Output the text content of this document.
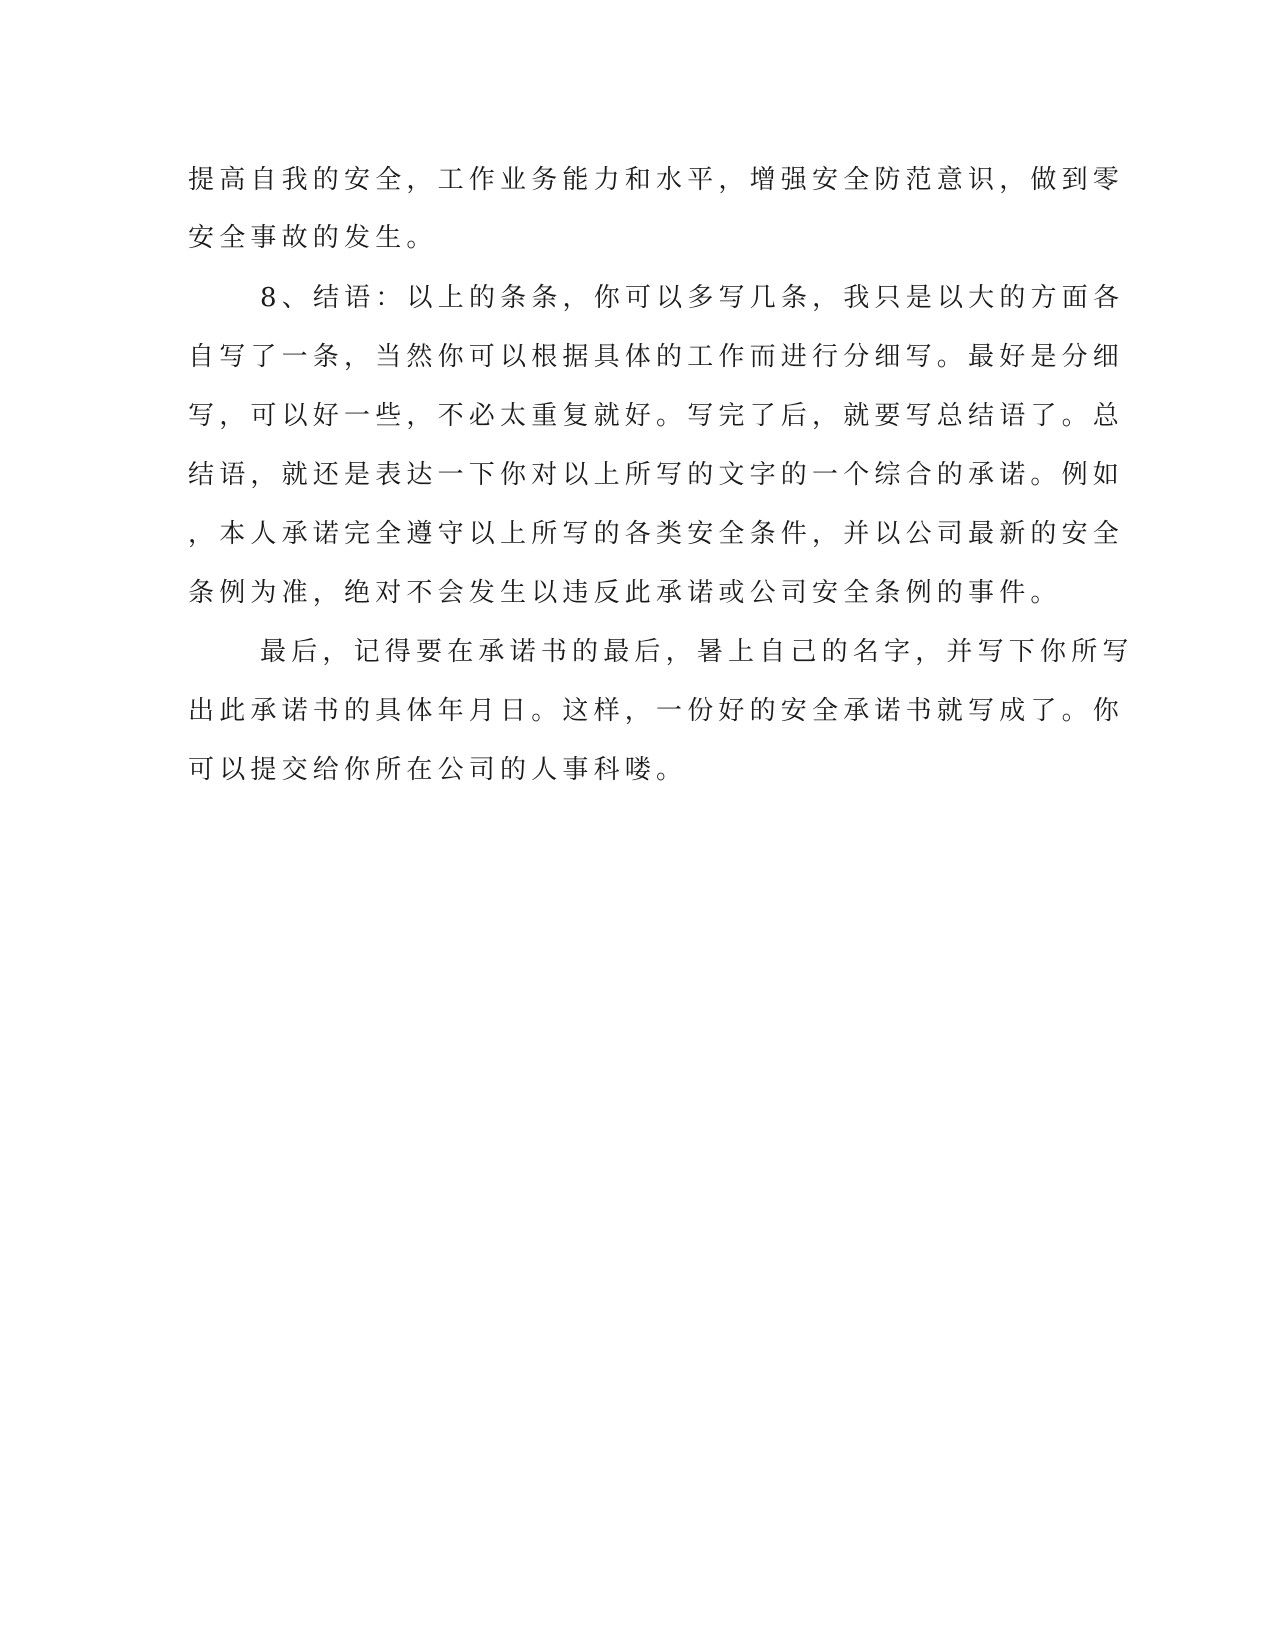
提高自我的安全，工作业务能力和水平，增强安全防范意识，做到零
安全事故的发生。
8、结语：以上的条条，你可以多写几条，我只是以大的方面各
自写了一条，当然你可以根据具体的工作而进行分细写。最好是分细
写，可以好一些，不必太重复就好。写完了后，就要写总结语了。总
结语，就还是表达一下你对以上所写的文字的一个综合的承诺。例如
，本人承诺完全遵守以上所写的各类安全条件，并以公司最新的安全
条例为准，绝对不会发生以违反此承诺或公司安全条例的事件。
最后，记得要在承诺书的最后，暑上自己的名字，并写下你所写
出此承诺书的具体年月日。这样，一份好的安全承诺书就写成了。你
可以提交给你所在公司的人事科喽。
